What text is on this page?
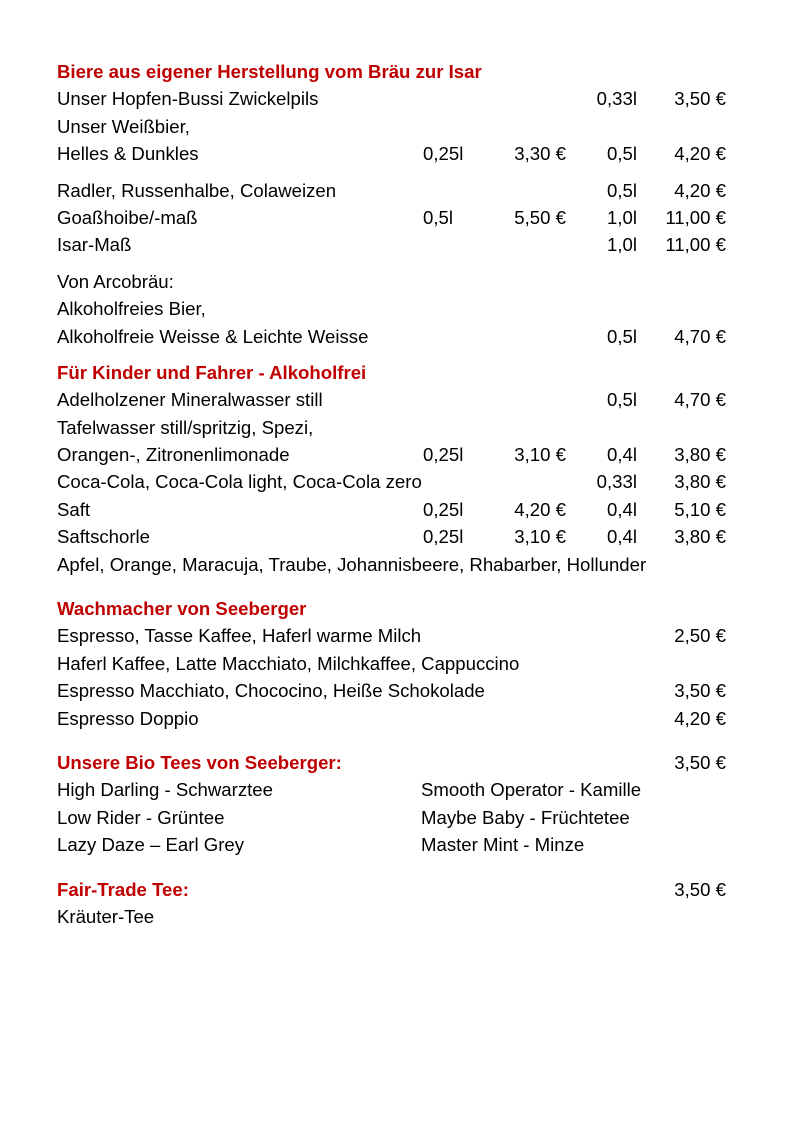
Biere aus eigener Herstellung vom Bräu zur Isar
Unser Hopfen-Bussi Zwickelpils	0,33l	3,50 €
Unser Weißbier,
Helles & Dunkles	0,25l	3,30 €	0,5l	4,20 €
Radler, Russenhalbe, Colaweizen	0,5l	4,20 €
Goaßhoibe/-maß	0,5l	5,50 €	1,0l	11,00 €
Isar-Maß	1,0l	11,00 €
Von Arcobräu:
Alkoholfreies Bier,
Alkoholfreie Weisse & Leichte Weisse	0,5l	4,70 €
Für Kinder und Fahrer - Alkoholfrei
Adelholzener Mineralwasser still	0,5l	4,70 €
Tafelwasser still/spritzig, Spezi,
Orangen-, Zitronenlimonade	0,25l	3,10 €	0,4l	3,80 €
Coca-Cola, Coca-Cola light, Coca-Cola zero	0,33l	3,80 €
Saft	0,25l	4,20 €	0,4l	5,10 €
Saftschorle	0,25l	3,10 €	0,4l	3,80 €
Apfel, Orange, Maracuja, Traube, Johannisbeere, Rhabarber, Hollunder
Wachmacher von Seeberger
Espresso, Tasse Kaffee, Haferl warme Milch	2,50 €
Haferl Kaffee, Latte Macchiato, Milchkaffee, Cappuccino
Espresso Macchiato, Chococino, Heiße Schokolade	3,50 €
Espresso Doppio	4,20 €
Unsere Bio Tees von Seeberger:	3,50 €
High Darling - Schwarztee	Smooth Operator - Kamille
Low Rider - Grüntee	Maybe Baby - Früchtetee
Lazy Daze – Earl Grey	Master Mint - Minze
Fair-Trade Tee:	3,50 €
Kräuter-Tee
